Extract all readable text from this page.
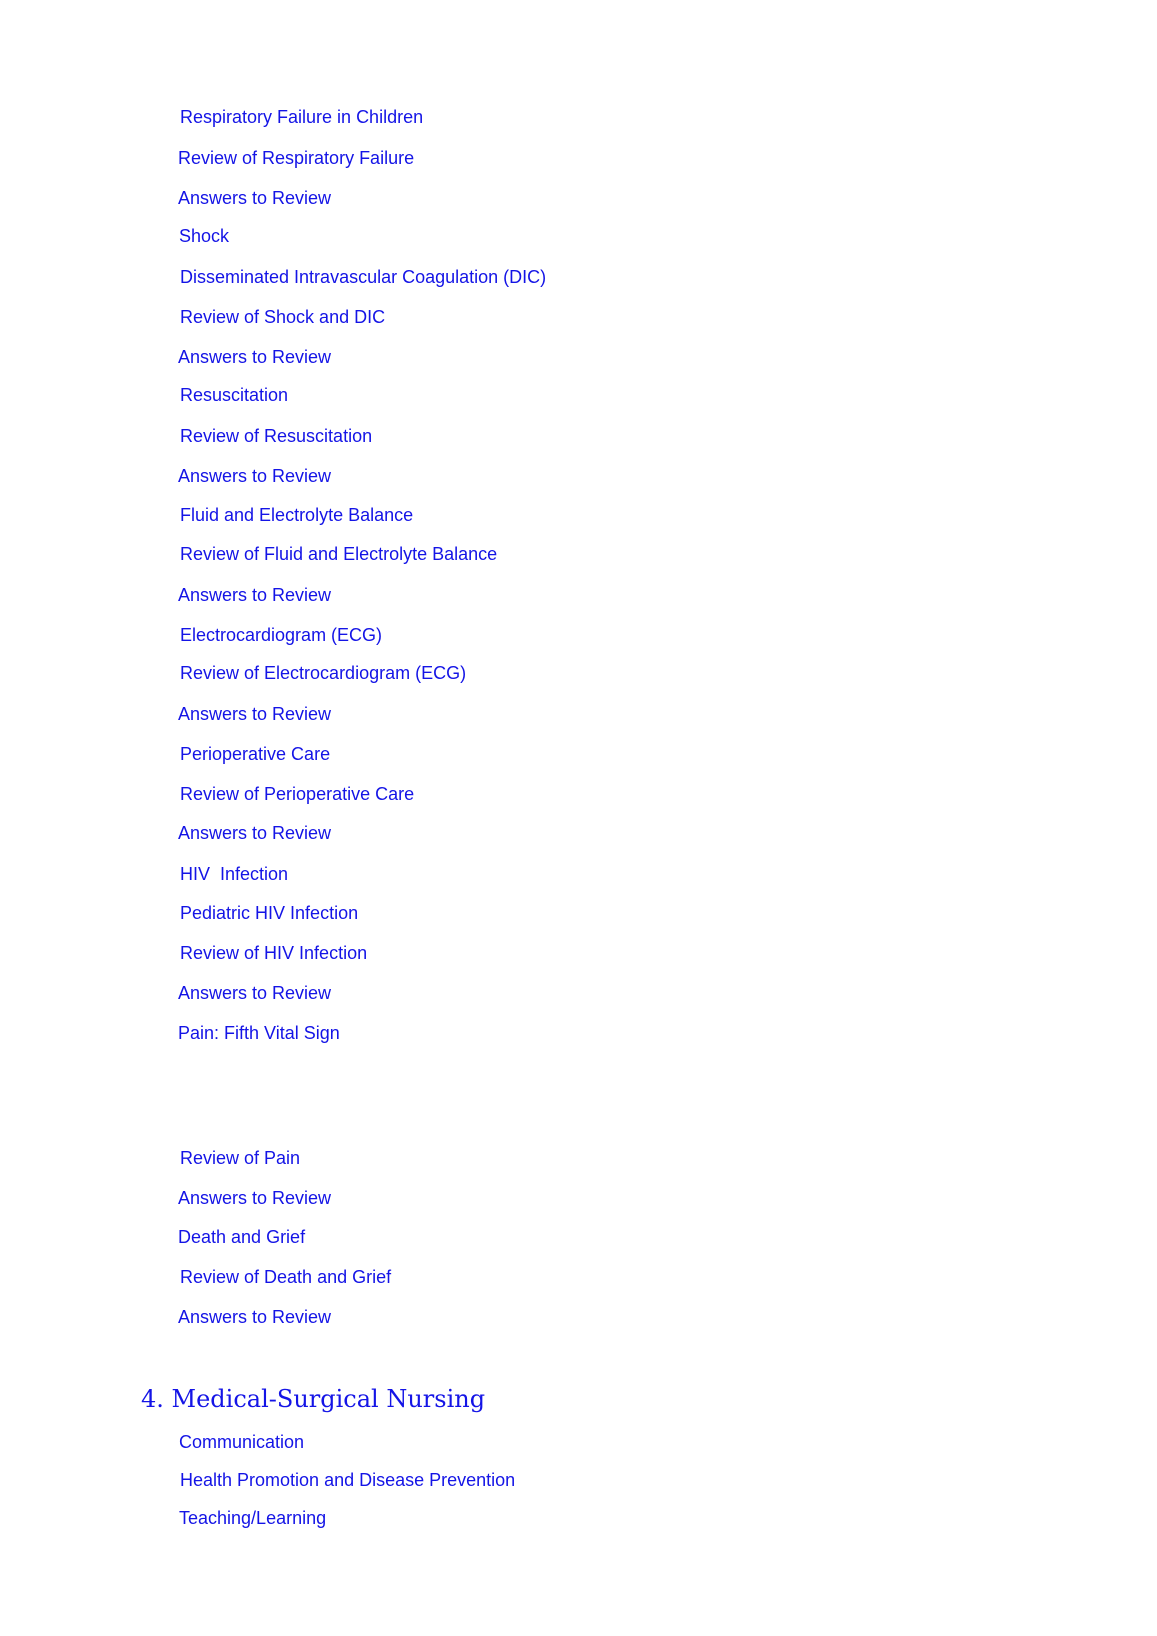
Respiratory Failure in Children
Review of Respiratory Failure
Answers to Review
Shock
Disseminated Intravascular Coagulation (DIC)
Review of Shock and DIC
Answers to Review
Resuscitation
Review of Resuscitation
Answers to Review
Fluid and Electrolyte Balance
Review of Fluid and Electrolyte Balance
Answers to Review
Electrocardiogram (ECG)
Review of Electrocardiogram (ECG)
Answers to Review
Perioperative Care
Review of Perioperative Care
Answers to Review
HIV  Infection
Pediatric HIV Infection
Review of HIV Infection
Answers to Review
Pain: Fifth Vital Sign
Review of Pain
Answers to Review
Death and Grief
Review of Death and Grief
Answers to Review
4. Medical-Surgical Nursing
Communication
Health Promotion and Disease Prevention
Teaching/Learning
